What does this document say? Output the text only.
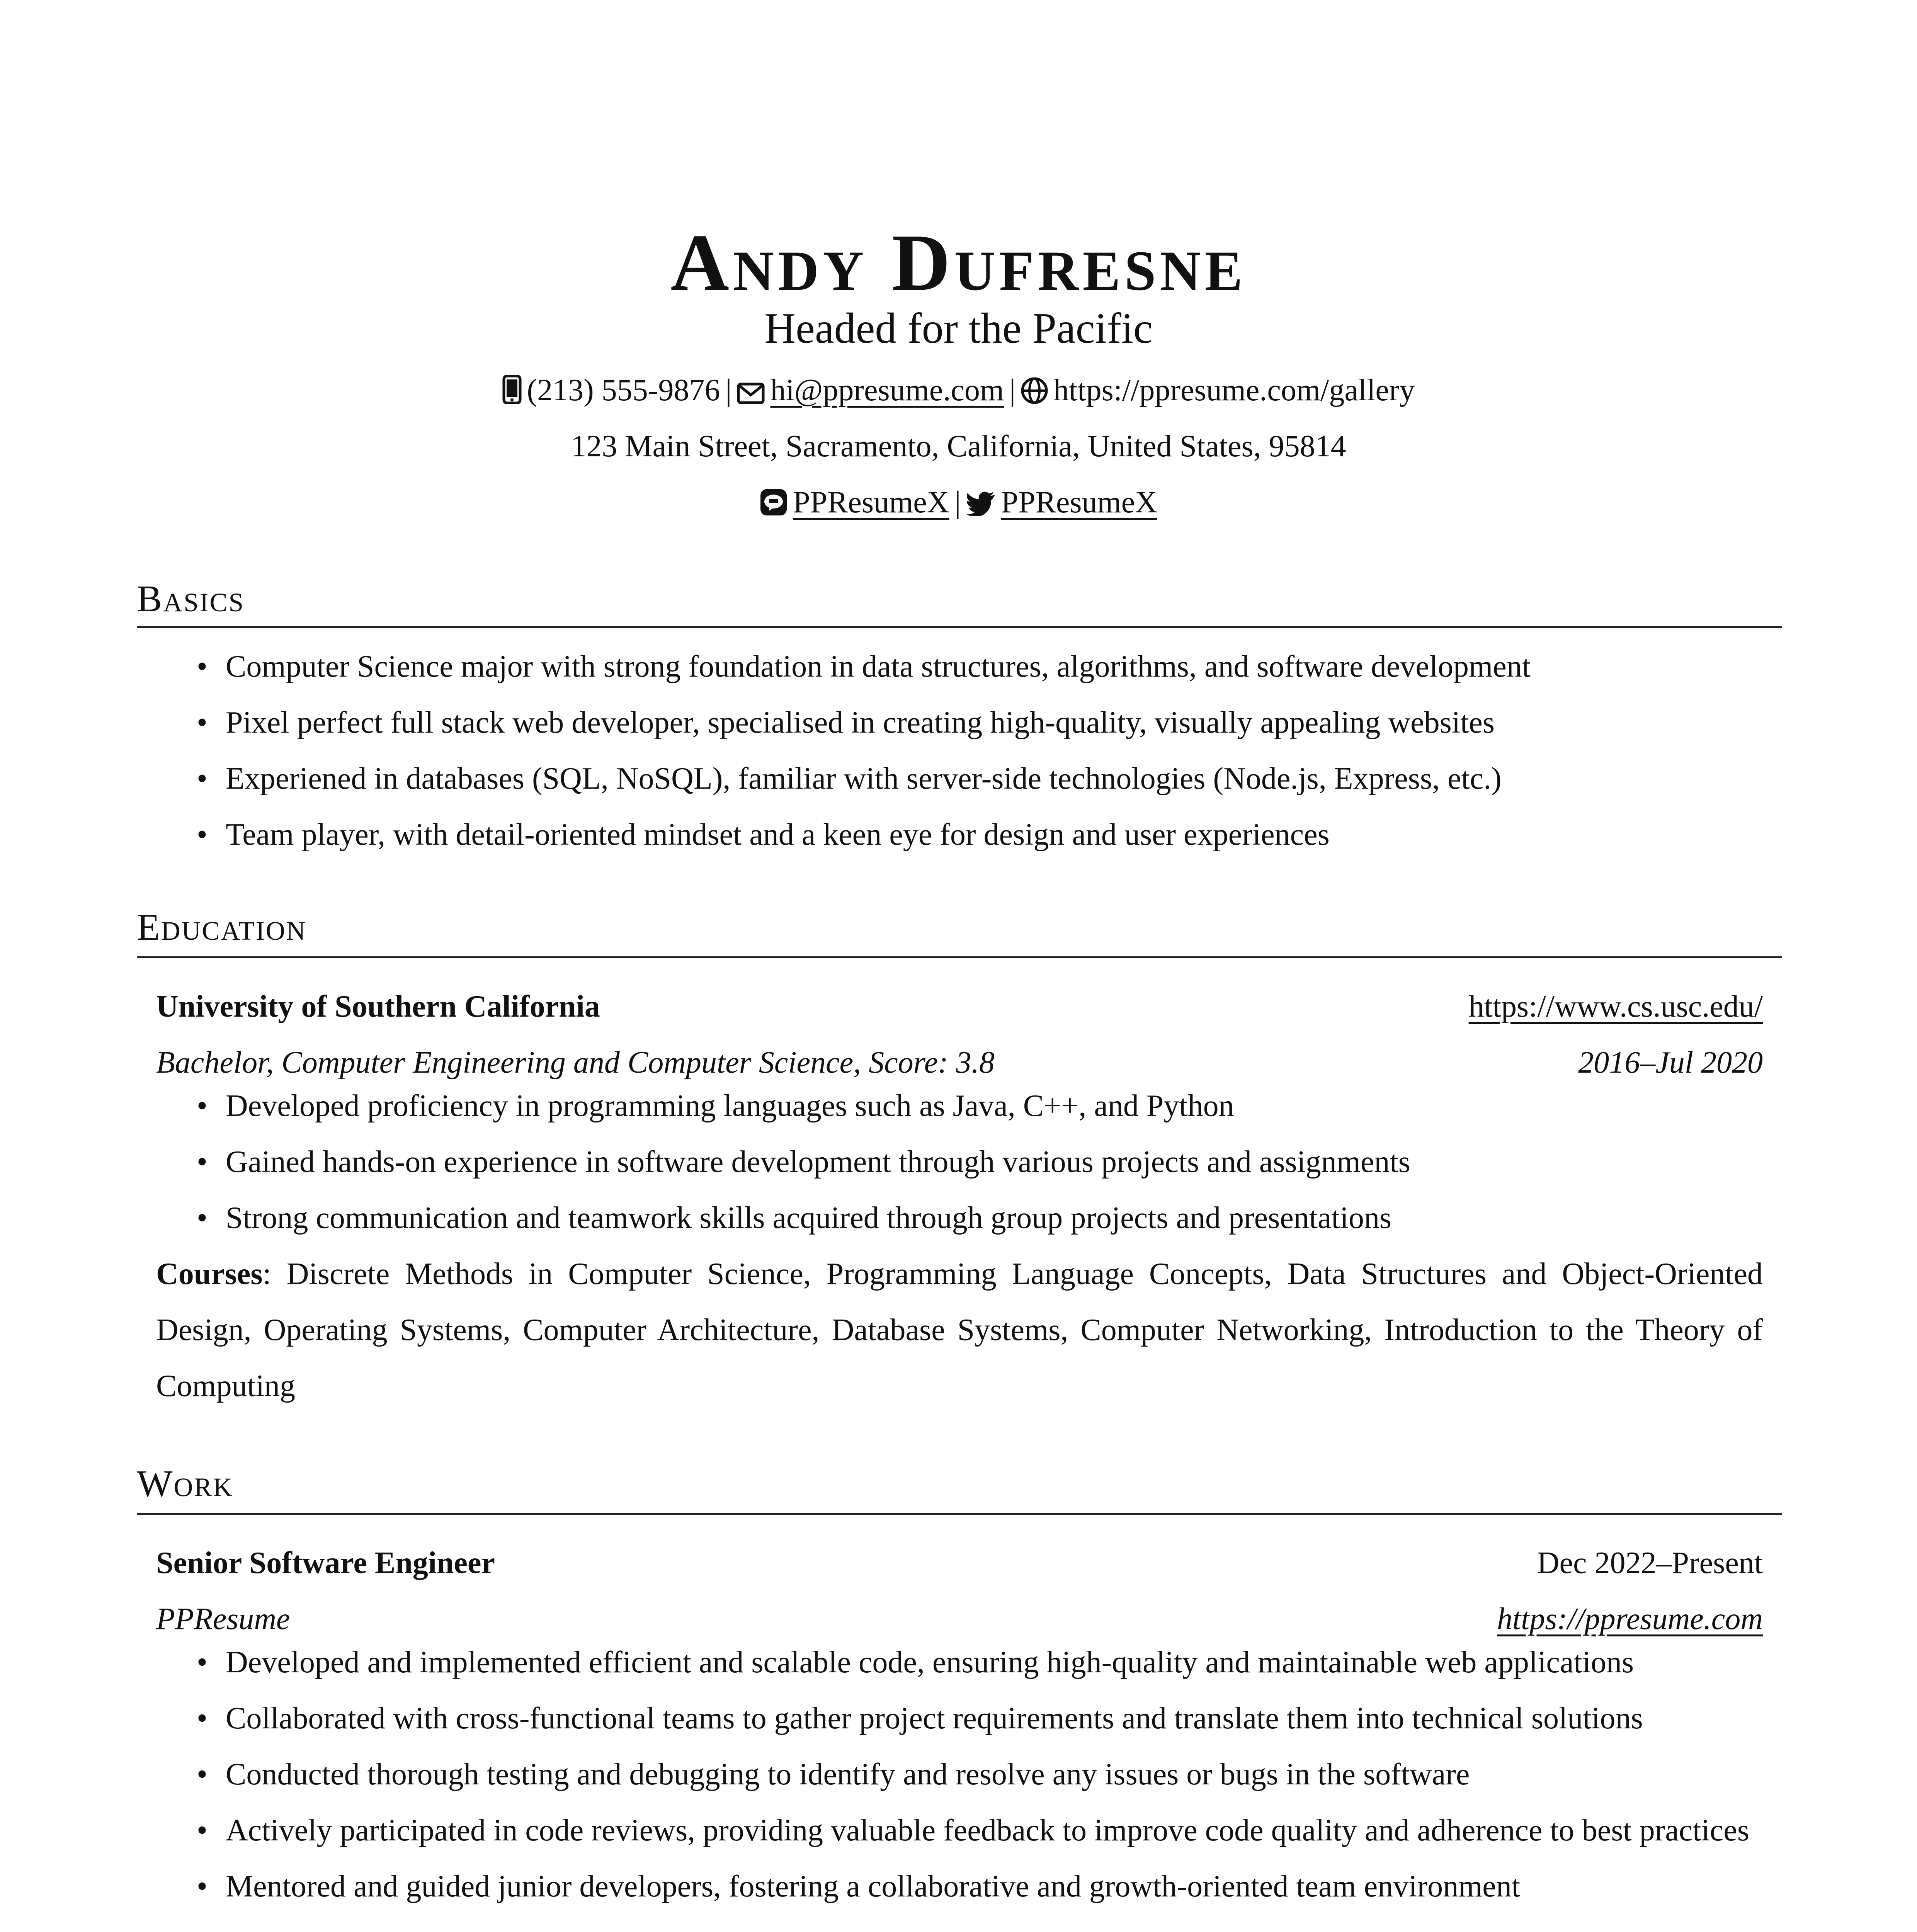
Andy Dufresne
Headed for the Pacific
(213) 555-9876 | hi@ppresume.com | https://ppresume.com/gallery
123 Main Street, Sacramento, California, United States, 95814
PPResumeX | PPResumeX
Basics
• Computer Science major with strong foundation in data structures, algorithms, and software development
• Pixel perfect full stack web developer, specialised in creating high-quality, visually appealing websites
• Experiened in databases (SQL, NoSQL), familiar with server-side technologies (Node.js, Express, etc.)
• Team player, with detail-oriented mindset and a keen eye for design and user experiences
Education
University of Southern California	https://www.cs.usc.edu/
Bachelor, Computer Engineering and Computer Science, Score: 3.8	2016–Jul 2020
• Developed proficiency in programming languages such as Java, C++, and Python
• Gained hands-on experience in software development through various projects and assignments
• Strong communication and teamwork skills acquired through group projects and presentations
Courses: Discrete Methods in Computer Science, Programming Language Concepts, Data Structures and Object-Oriented Design, Operating Systems, Computer Architecture, Database Systems, Computer Networking, Introduction to the Theory of Computing
Work
Senior Software Engineer	Dec 2022–Present
PPResume	https://ppresume.com
• Developed and implemented efficient and scalable code, ensuring high-quality and maintainable web applications
• Collaborated with cross-functional teams to gather project requirements and translate them into technical solutions
• Conducted thorough testing and debugging to identify and resolve any issues or bugs in the software
• Actively participated in code reviews, providing valuable feedback to improve code quality and adherence to best practices
• Mentored and guided junior developers, fostering a collaborative and growth-oriented team environment
